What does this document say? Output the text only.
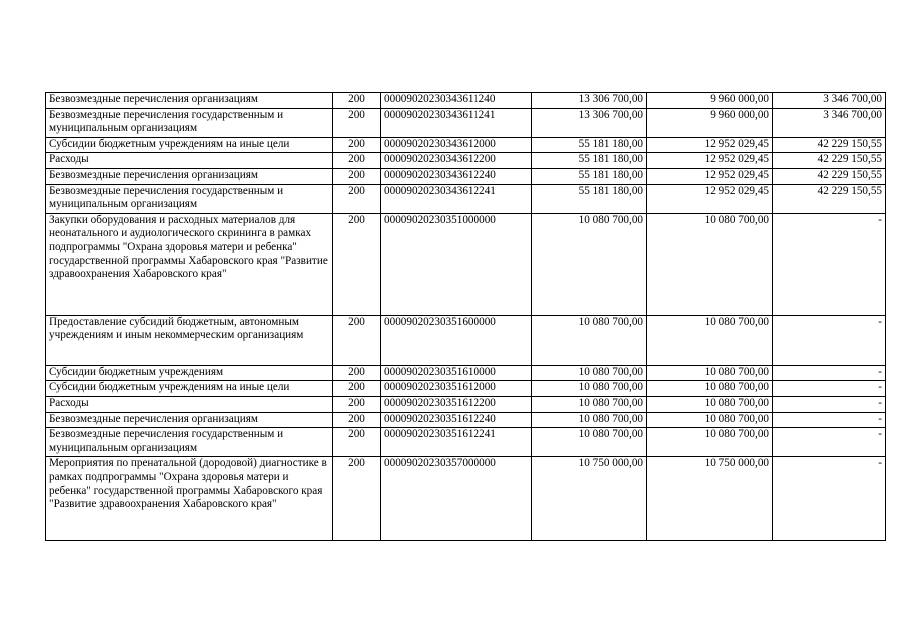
Безвозмездные перечисления организациям	200	00009020230343611240	13 306 700,00	9 960 000,00	3 346 700,00
Безвозмездные перечисления государственным и муниципальным организациям	200	00009020230343611241	13 306 700,00	9 960 000,00	3 346 700,00
Субсидии бюджетным учреждениям на иные цели	200	00009020230343612000	55 181 180,00	12 952 029,45	42 229 150,55
Расходы	200	00009020230343612200	55 181 180,00	12 952 029,45	42 229 150,55
Безвозмездные перечисления организациям	200	00009020230343612240	55 181 180,00	12 952 029,45	42 229 150,55
Безвозмездные перечисления государственным и муниципальным организациям	200	00009020230343612241	55 181 180,00	12 952 029,45	42 229 150,55
Закупки оборудования и расходных материалов для неонатального и аудиологического скрининга в рамках подпрограммы "Охрана здоровья матери и ребенка" государственной программы Хабаровского края "Развитие здравоохранения Хабаровского края"	200	00009020230351000000	10 080 700,00	10 080 700,00	-
Предоставление субсидий бюджетным, автономным учреждениям и иным некоммерческим организациям	200	00009020230351600000	10 080 700,00	10 080 700,00	-
Субсидии бюджетным учреждениям	200	00009020230351610000	10 080 700,00	10 080 700,00	-
Субсидии бюджетным учреждениям на иные цели	200	00009020230351612000	10 080 700,00	10 080 700,00	-
Расходы	200	00009020230351612200	10 080 700,00	10 080 700,00	-
Безвозмездные перечисления организациям	200	00009020230351612240	10 080 700,00	10 080 700,00	-
Безвозмездные перечисления государственным и муниципальным организациям	200	00009020230351612241	10 080 700,00	10 080 700,00	-
Мероприятия по пренатальной (дородовой) диагностике в рамках подпрограммы "Охрана здоровья матери и ребенка" государственной программы Хабаровского края "Развитие здравоохранения Хабаровского края"	200	00009020230357000000	10 750 000,00	10 750 000,00	-
